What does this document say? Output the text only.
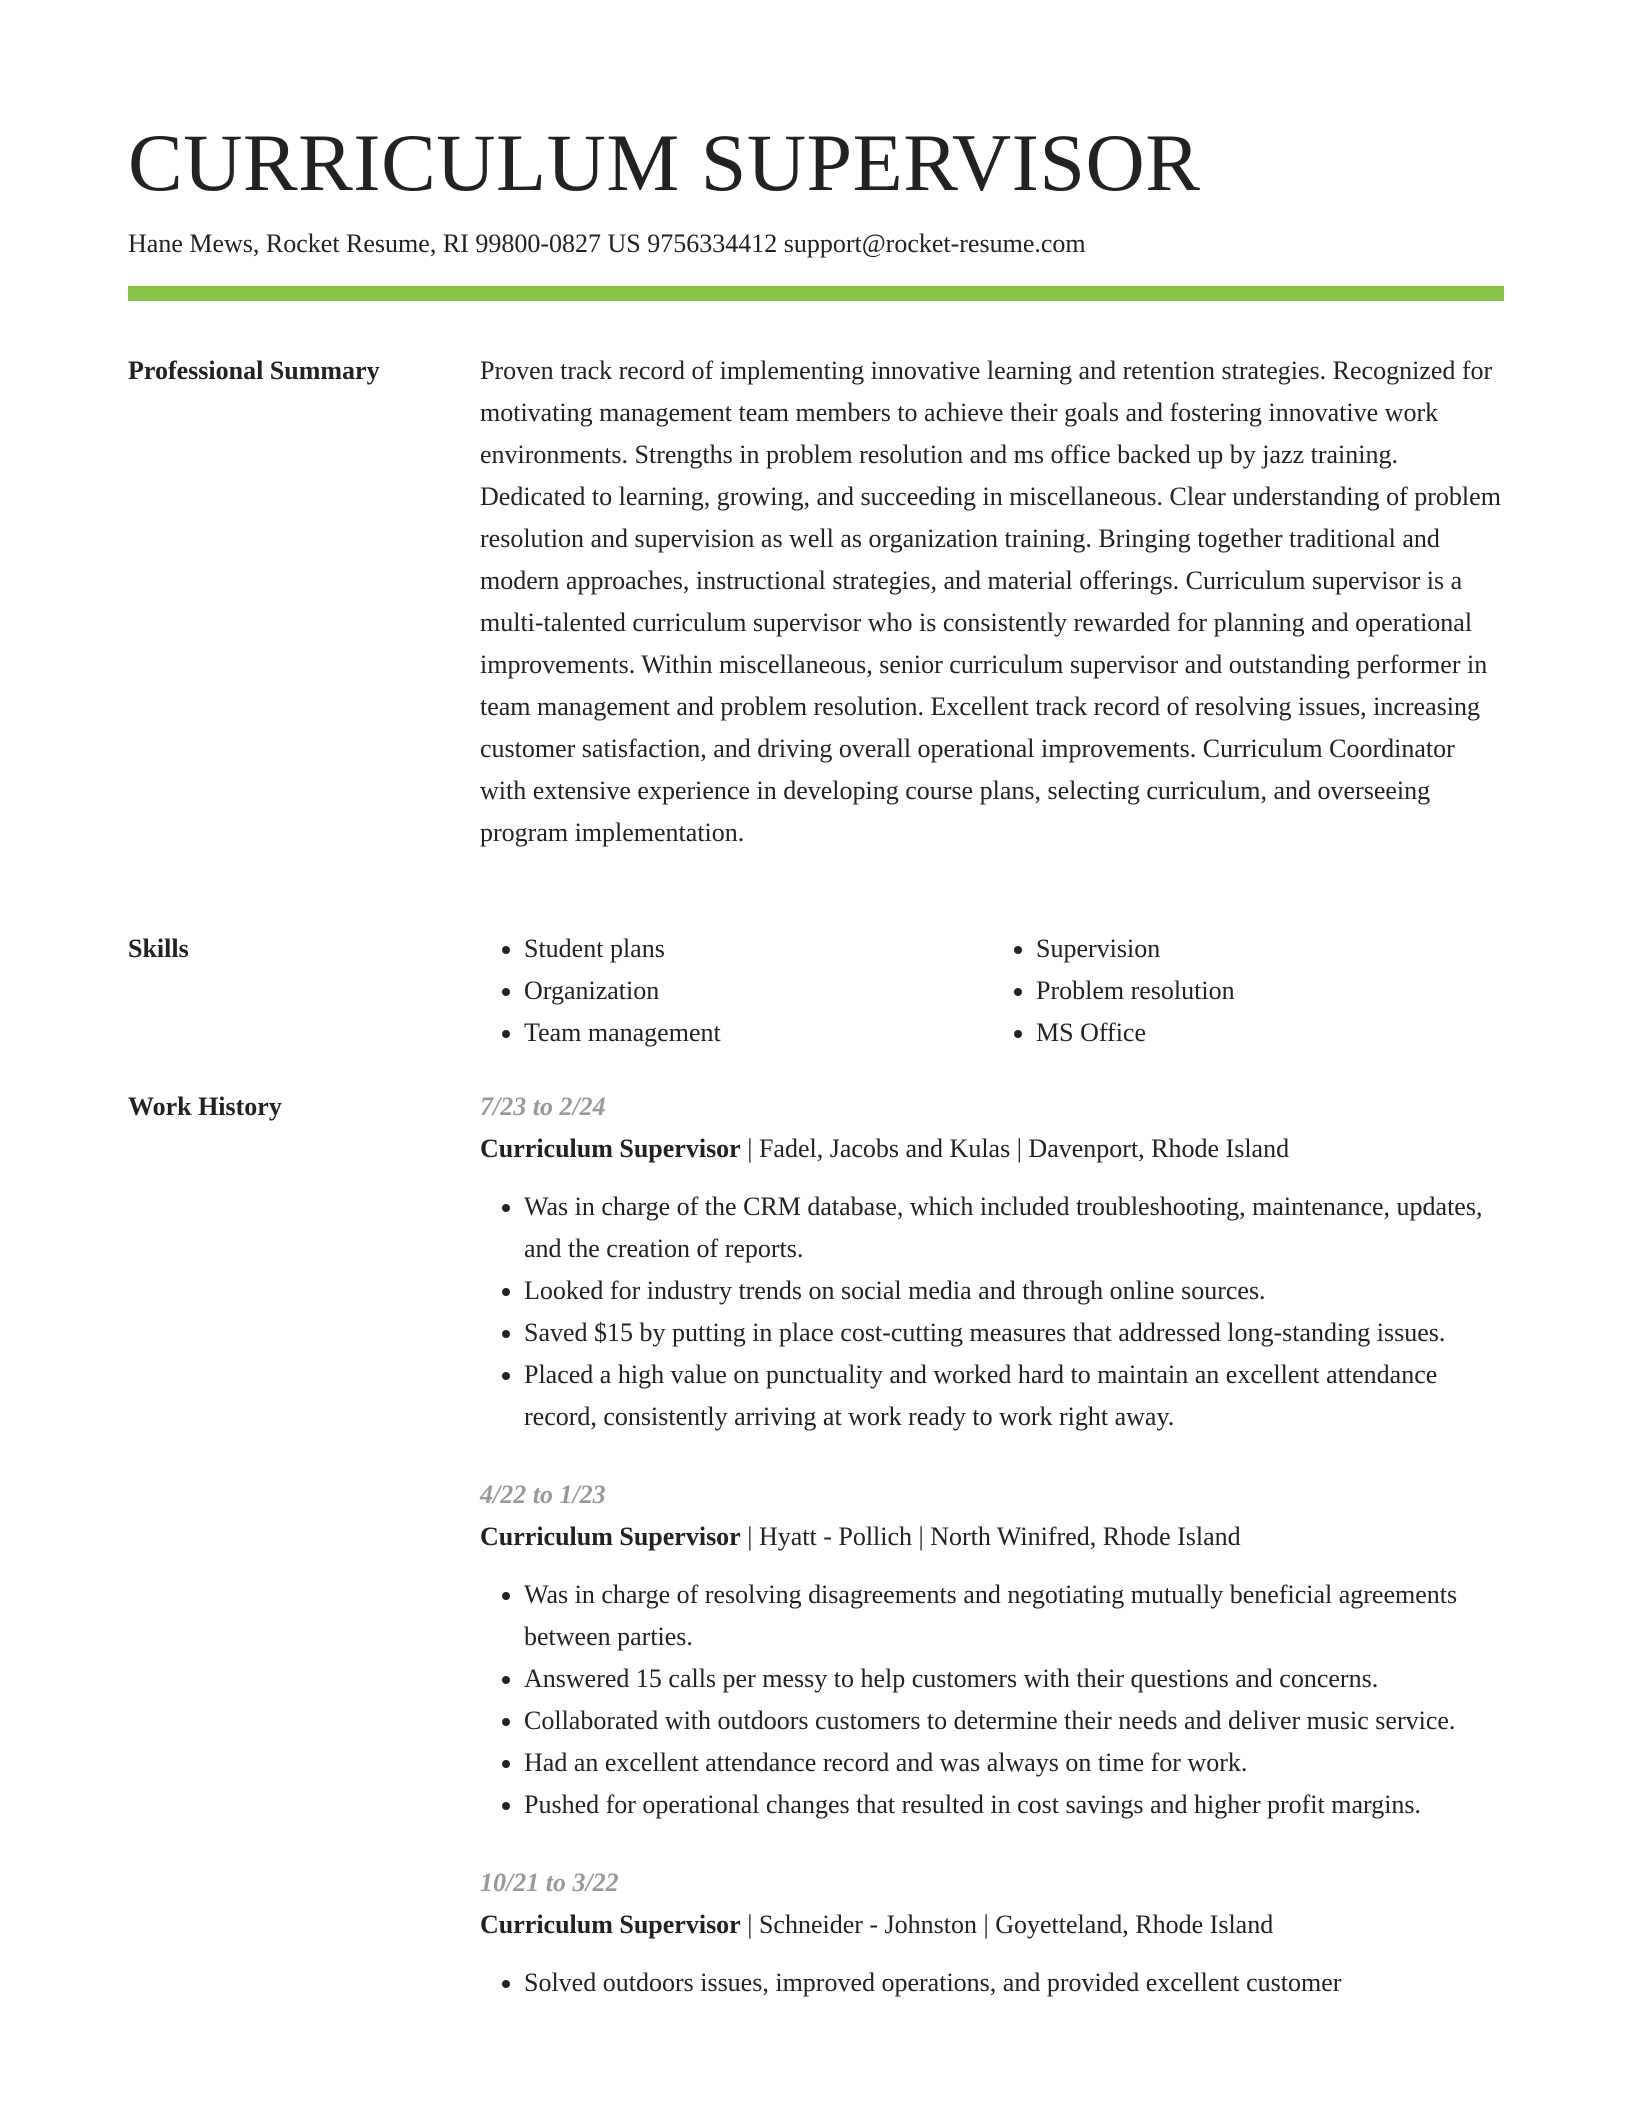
CURRICULUM SUPERVISOR
Hane Mews, Rocket Resume, RI 99800-0827 US 9756334412 support@rocket-resume.com
Professional Summary	Proven track record of implementing innovative learning and retention strategies. Recognized for motivating management team members to achieve their goals and fostering innovative work environments. Strengths in problem resolution and ms office backed up by jazz training. Dedicated to learning, growing, and succeeding in miscellaneous. Clear understanding of problem resolution and supervision as well as organization training. Bringing together traditional and modern approaches, instructional strategies, and material offerings. Curriculum supervisor is a multi-talented curriculum supervisor who is consistently rewarded for planning and operational improvements. Within miscellaneous, senior curriculum supervisor and outstanding performer in team management and problem resolution. Excellent track record of resolving issues, increasing customer satisfaction, and driving overall operational improvements. Curriculum Coordinator with extensive experience in developing course plans, selecting curriculum, and overseeing program implementation.
Skills
•	Student plans
• Organization
• Team management
• Supervision
• Problem resolution
• MS Office
Work History	7/23 to 2/24
Curriculum Supervisor | Fadel, Jacobs and Kulas | Davenport, Rhode Island
• Was in charge of the CRM database, which included troubleshooting, maintenance, updates, and the creation of reports.
• Looked for industry trends on social media and through online sources.
• Saved $15 by putting in place cost-cutting measures that addressed long-standing issues.
• Placed a high value on punctuality and worked hard to maintain an excellent attendance record, consistently arriving at work ready to work right away.
4/22 to 1/23
Curriculum Supervisor | Hyatt - Pollich | North Winifred, Rhode Island
• Was in charge of resolving disagreements and negotiating mutually beneficial agreements between parties.
• Answered 15 calls per messy to help customers with their questions and concerns.
• Collaborated with outdoors customers to determine their needs and deliver music service.
• Had an excellent attendance record and was always on time for work.
• Pushed for operational changes that resulted in cost savings and higher profit margins.
10/21 to 3/22
Curriculum Supervisor | Schneider - Johnston | Goyetteland, Rhode Island
• Solved outdoors issues, improved operations, and provided excellent customer
